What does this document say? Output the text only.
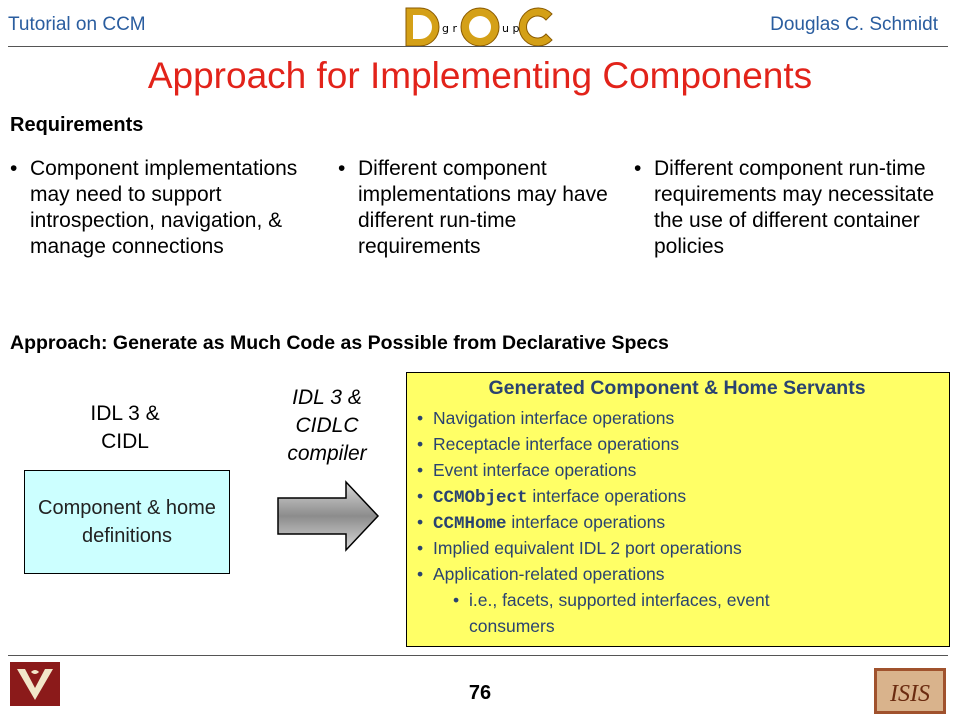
Tutorial on CCM	Douglas C. Schmidt
g r	u p
Approach for Implementing Components
Requirements
• Component implementations may need to support introspection, navigation, & manage connections
• Different component implementations may have different run-time requirements
• Different component run-time requirements may necessitate the use of different container policies
Approach: Generate as Much Code as Possible from Declarative Specs
IDL 3 &
CIDL
Component & home definitions
IDL 3 &
CIDLC
compiler
Generated Component & Home Servants
• Navigation interface operations
• Receptacle interface operations
• Event interface operations
• CCMObject interface operations
• CCMHome interface operations
• Implied equivalent IDL 2 port operations
• Application-related operations
• i.e., facets, supported interfaces, event
consumers
76	ISIS
